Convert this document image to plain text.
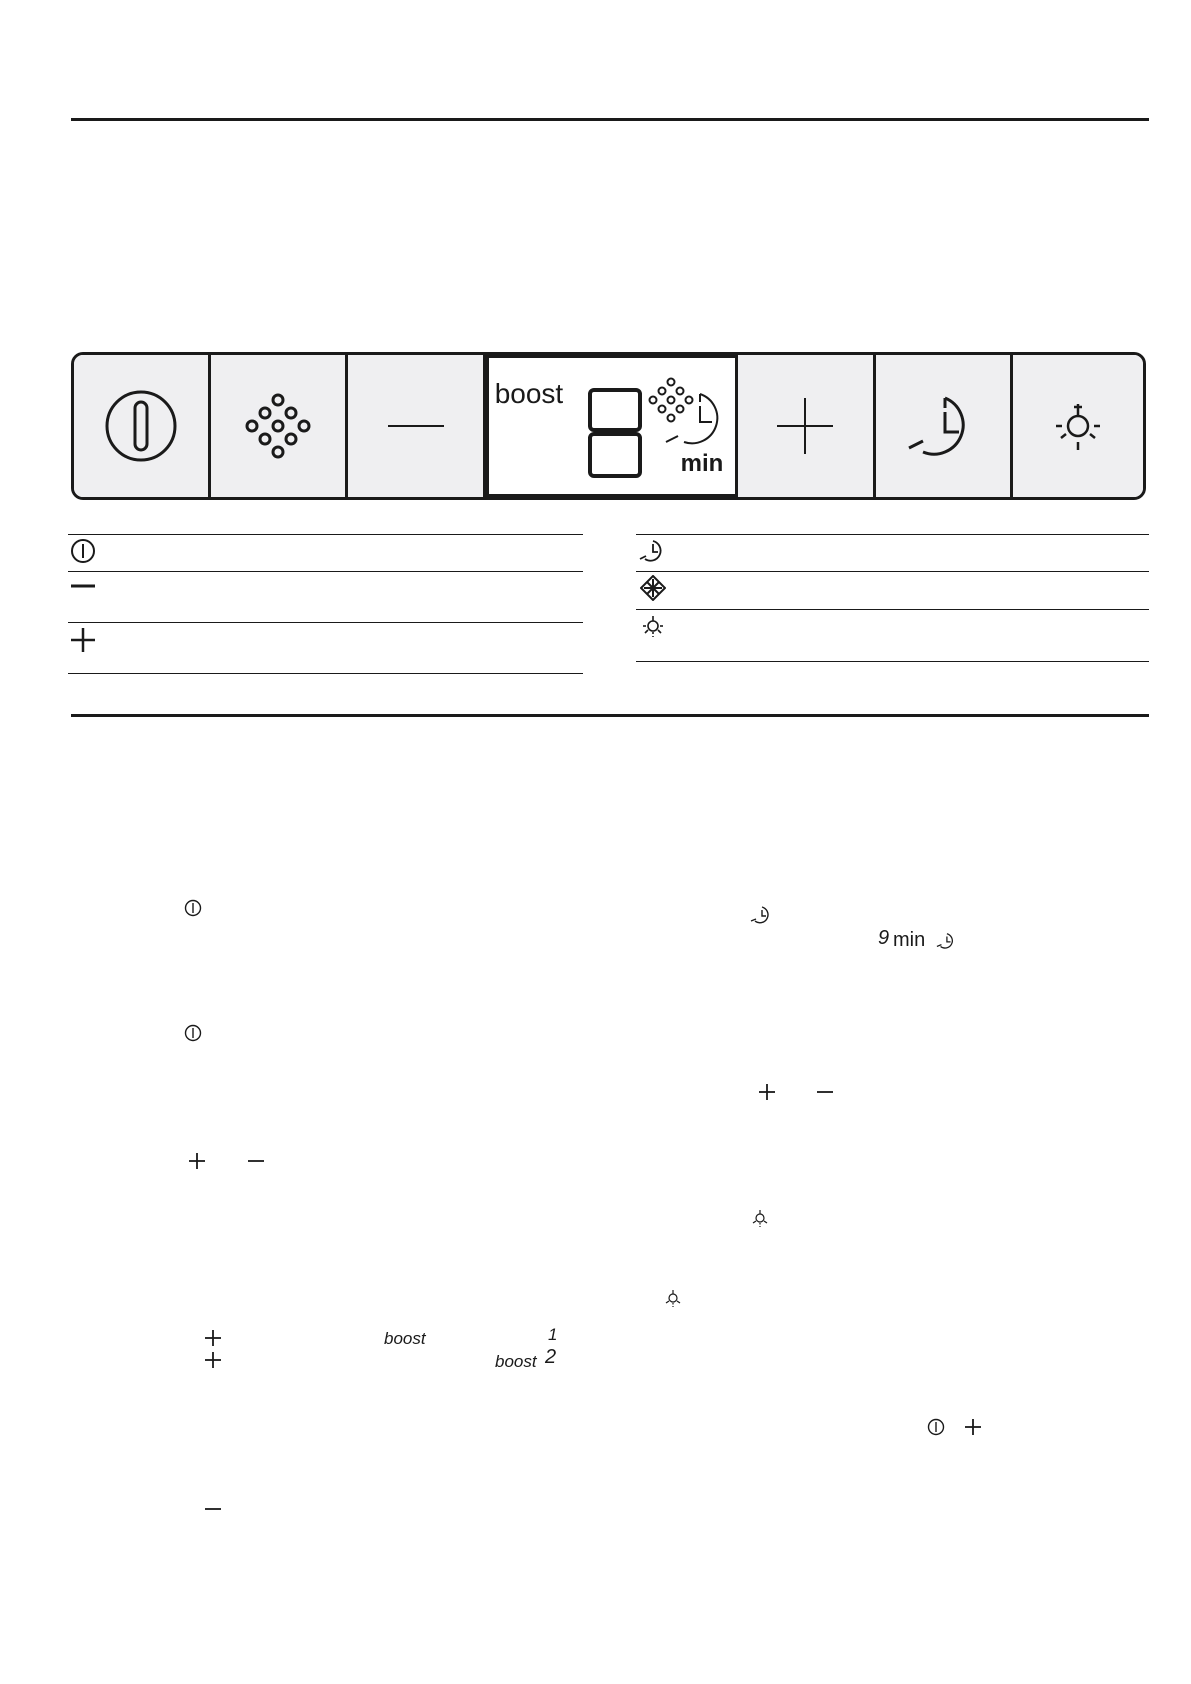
boost
min
boost	1
boost 2
9 min
